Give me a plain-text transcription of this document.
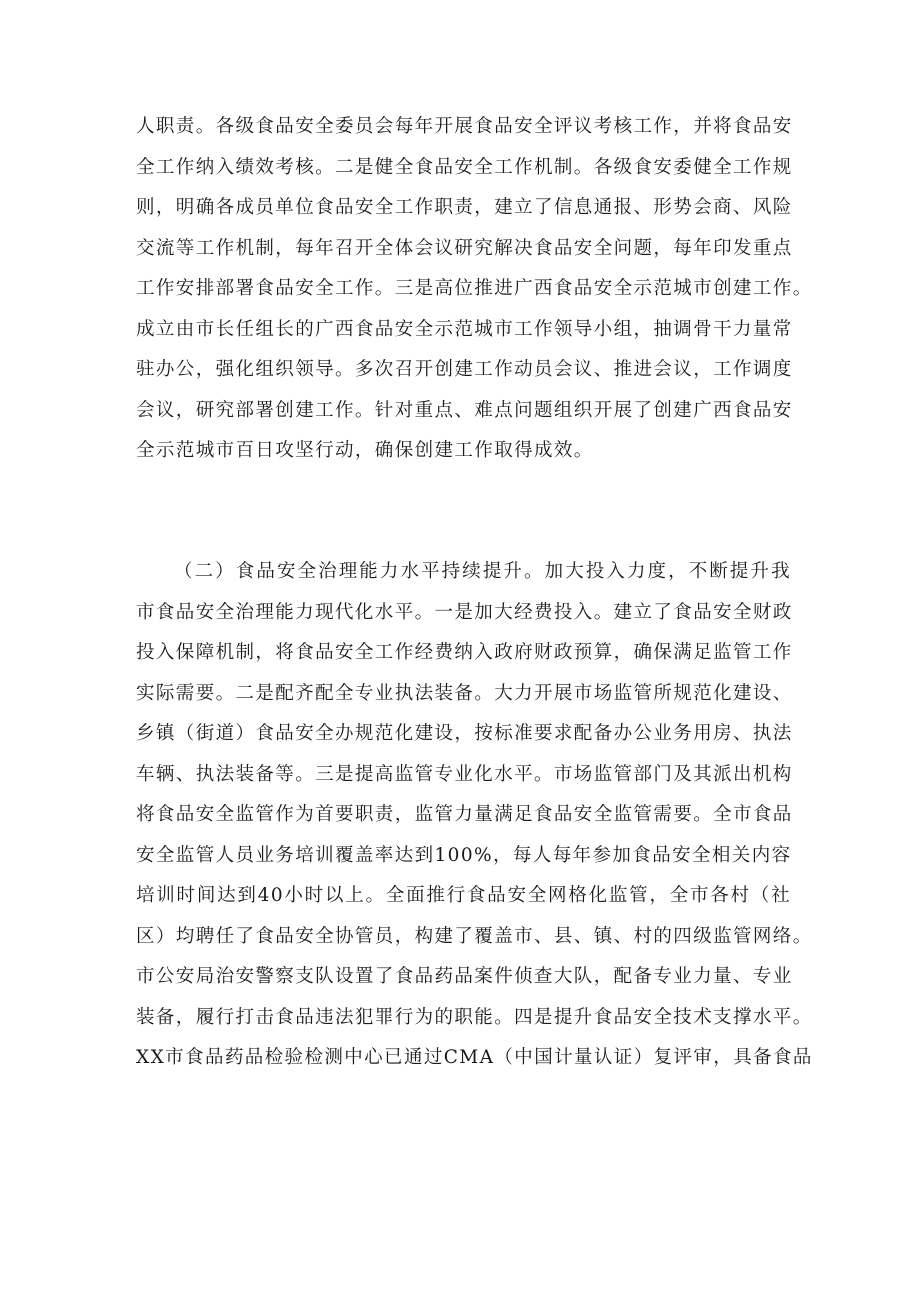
人职责。各级食品安全委员会每年开展食品安全评议考核工作，并将食品安
全工作纳入绩效考核。二是健全食品安全工作机制。各级食安委健全工作规
则，明确各成员单位食品安全工作职责，建立了信息通报、形势会商、风险
交流等工作机制，每年召开全体会议研究解决食品安全问题，每年印发重点
工作安排部署食品安全工作。三是高位推进广西食品安全示范城市创建工作。
成立由市长任组长的广西食品安全示范城市工作领导小组，抽调骨干力量常
驻办公，强化组织领导。多次召开创建工作动员会议、推进会议，工作调度
会议，研究部署创建工作。针对重点、难点问题组织开展了创建广西食品安
全示范城市百日攻坚行动，确保创建工作取得成效。
（二）食品安全治理能力水平持续提升。加大投入力度，不断提升我
市食品安全治理能力现代化水平。一是加大经费投入。建立了食品安全财政
投入保障机制，将食品安全工作经费纳入政府财政预算，确保满足监管工作
实际需要。二是配齐配全专业执法装备。大力开展市场监管所规范化建设、
乡镇（街道）食品安全办规范化建设，按标准要求配备办公业务用房、执法
车辆、执法装备等。三是提高监管专业化水平。市场监管部门及其派出机构
将食品安全监管作为首要职责，监管力量满足食品安全监管需要。全市食品
安全监管人员业务培训覆盖率达到100%，每人每年参加食品安全相关内容
培训时间达到40小时以上。全面推行食品安全网格化监管，全市各村（社
区）均聘任了食品安全协管员，构建了覆盖市、县、镇、村的四级监管网络。
市公安局治安警察支队设置了食品药品案件侦查大队，配备专业力量、专业
装备，履行打击食品违法犯罪行为的职能。四是提升食品安全技术支撑水平。
XX市食品药品检验检测中心已通过CMA（中国计量认证）复评审，具备食品
